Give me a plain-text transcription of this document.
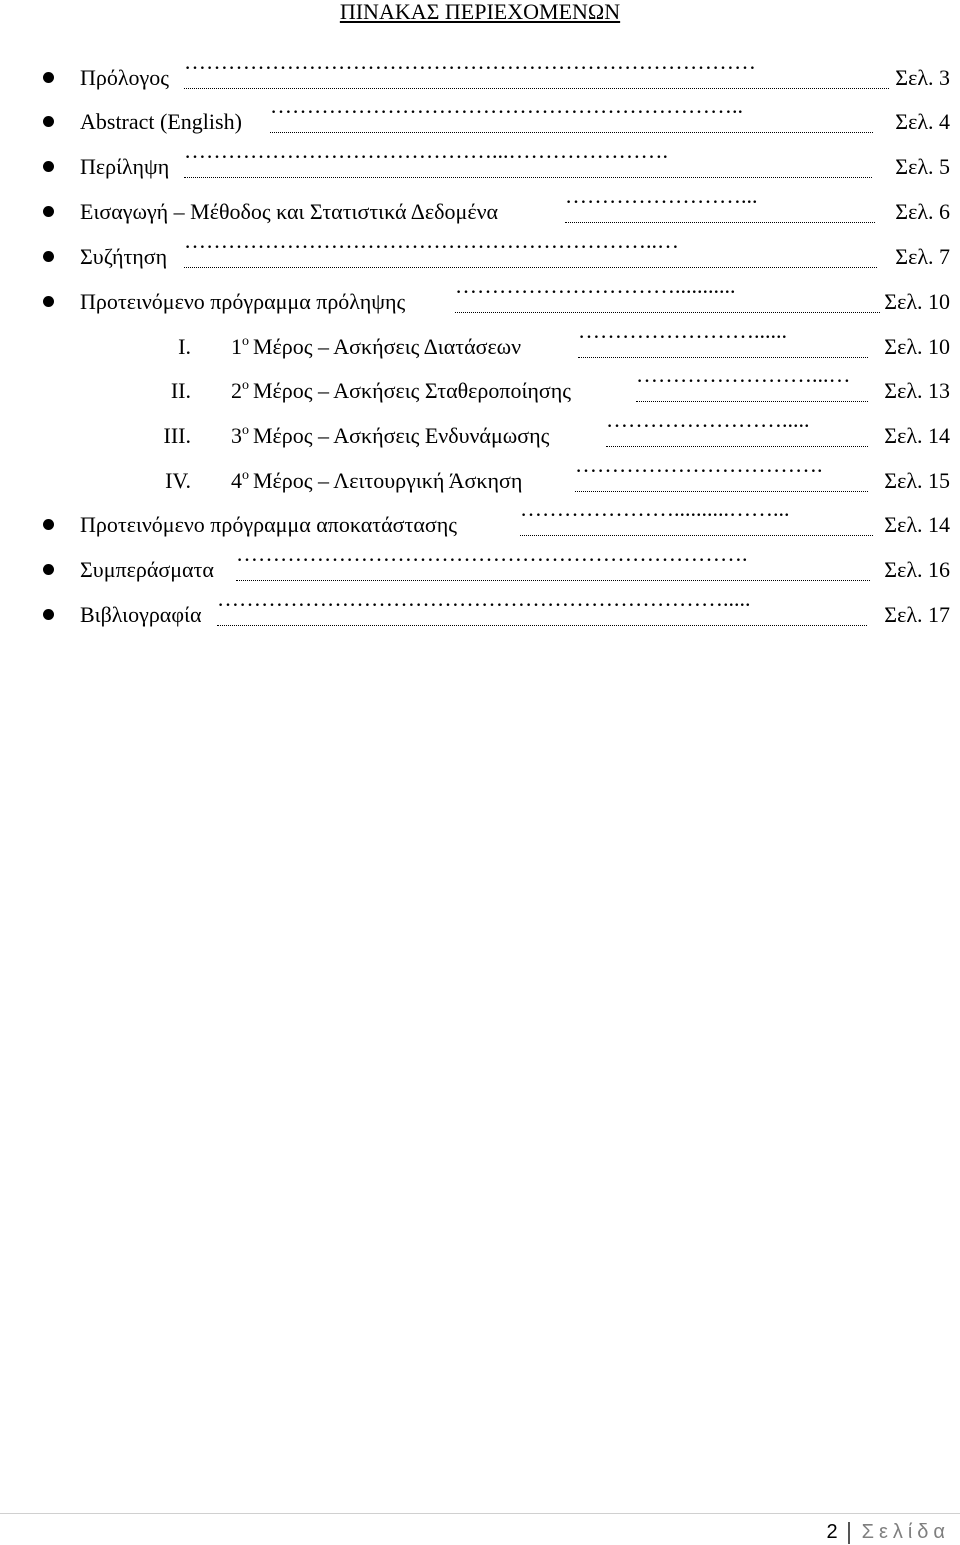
ΠΙΝΑΚΑΣ ΠΕΡΙΕΧΟΜΕΝΩΝ
Πρόλογος
……………………………………………………………………
Σελ. 3
Abstract (English)
………………………………………………………..
Σελ. 4
Περίληψη
……………………………………...………………….
Σελ. 5
Εισαγωγή – Μέθοδος και Στατιστικά Δεδομένα
……………………...
Σελ. 6
Συζήτηση
………………………………………………………..…
Σελ. 7
Προτεινόμενο πρόγραμμα πρόληψης
…………………………...........
Σελ. 10
I. $1^o$ Μέρος – Ασκήσεις Διατάσεων
……………………......
Σελ. 10
II. $2^o$ Μέρος – Ασκήσεις Σταθεροποίησης
……………………...…
Σελ. 13
III. $3^o$ Μέρος – Ασκήσεις Ενδυνάμωσης
…………………….....
Σελ. 14
IV. $4^o$ Μέρος – Λειτουργική Άσκηση
…………………………….
Σελ. 15
Προτεινόμενο πρόγραμμα αποκατάστασης
…………………..........……...
Σελ. 14
Συμπεράσματα
…………………………………………………………….
Σελ. 16
Βιβλιογραφία
…………………………………………………………….....
Σελ. 17
2 Σελίδα
